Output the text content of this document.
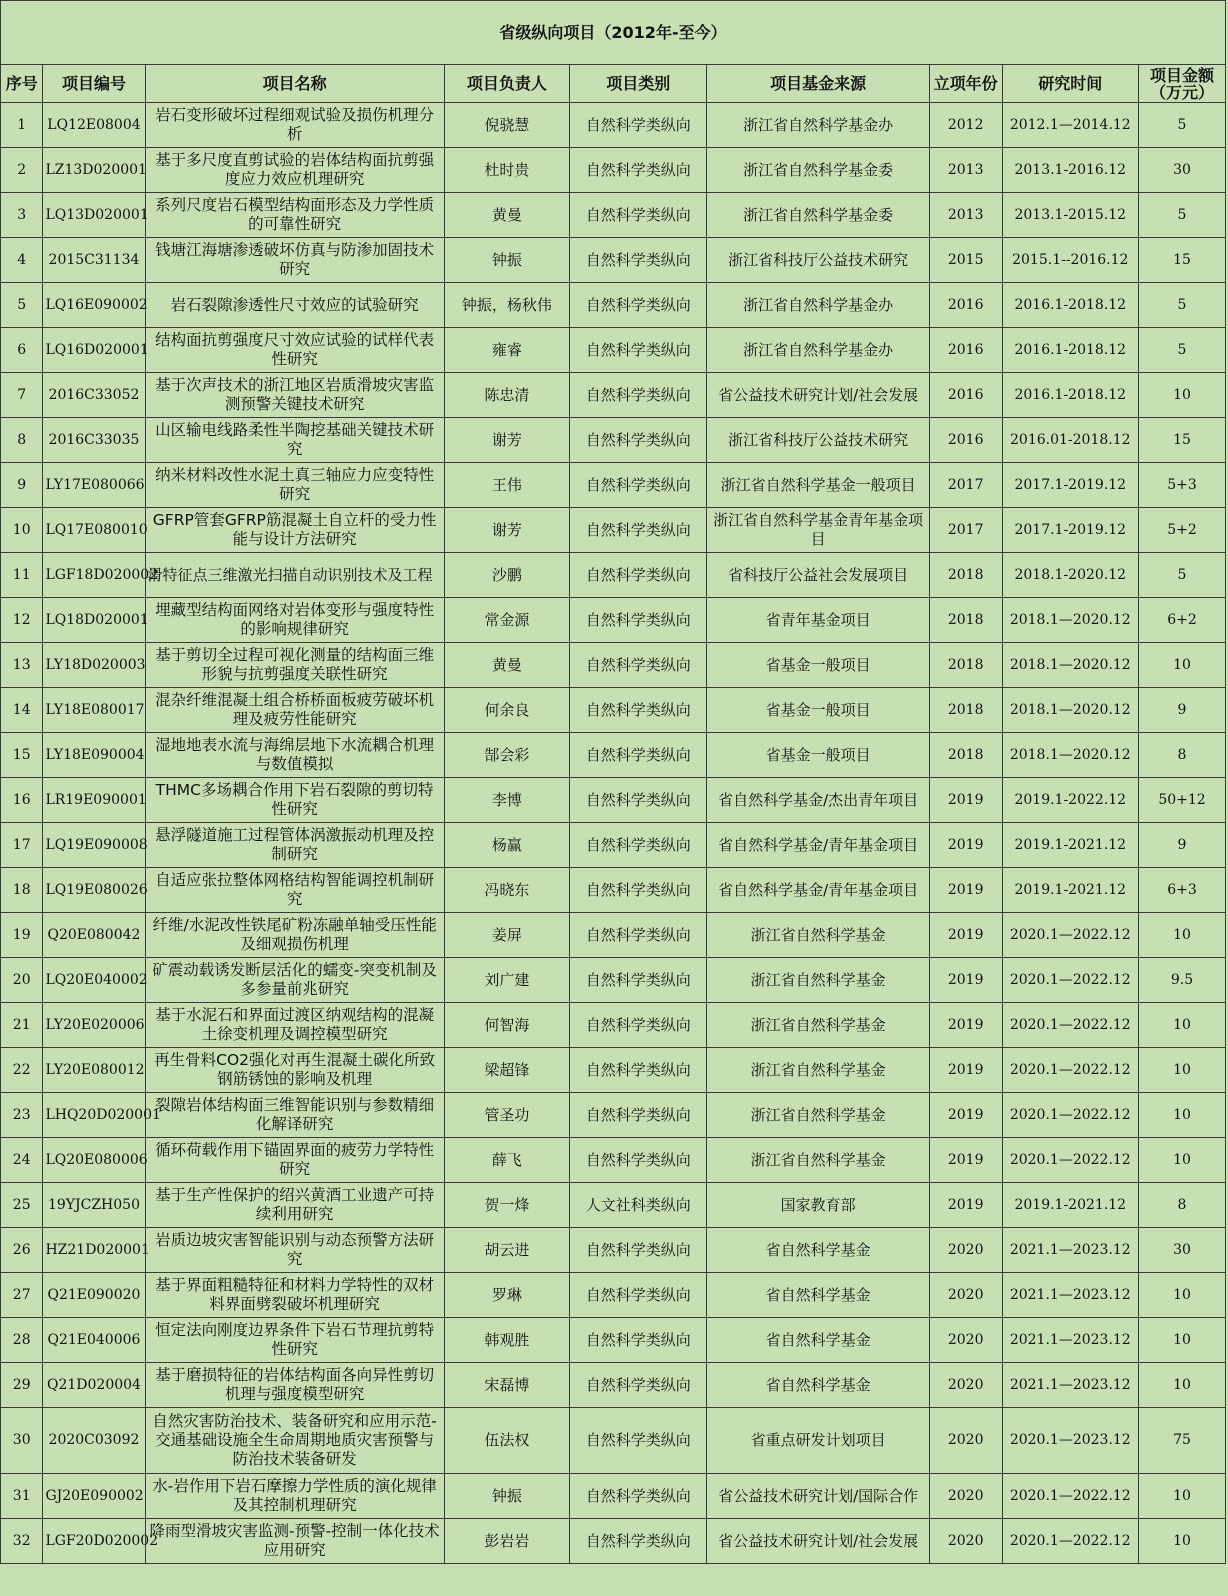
省级纵向项目（2012年-至今）								
序号	项目编号	项目名称	项目负责人	项目类别	项目基金来源	立项年份	研究时间	项目金额
（万元）
1	LQ12E08004	岩石变形破坏过程细观试验及损伤机理分析	倪骁慧	自然科学类纵向	浙江省自然科学基金办	2012	2012.1—2014.12	5
2	LZ13D020001	基于多尺度直剪试验的岩体结构面抗剪强度应力效应机理研究	杜时贵	自然科学类纵向	浙江省自然科学基金委	2013	2013.1-2016.12	30
3	LQ13D020001	系列尺度岩石模型结构面形态及力学性质的可靠性研究	黄曼	自然科学类纵向	浙江省自然科学基金委	2013	2013.1-2015.12	5
4	2015C31134	钱塘江海塘渗透破坏仿真与防渗加固技术研究	钟振	自然科学类纵向	浙江省科技厅公益技术研究	2015	2015.1--2016.12	15
5	LQ16E090002	岩石裂隙渗透性尺寸效应的试验研究	钟振，杨秋伟	自然科学类纵向	浙江省自然科学基金办	2016	2016.1-2018.12	5
6	LQ16D020001	结构面抗剪强度尺寸效应试验的试样代表性研究	雍睿	自然科学类纵向	浙江省自然科学基金办	2016	2016.1-2018.12	5
7	2016C33052	基于次声技术的浙江地区岩质滑坡灾害监测预警关键技术研究	陈忠清	自然科学类纵向	省公益技术研究计划/社会发展	2016	2016.1-2018.12	10
8	2016C33035	山区输电线路柔性半陶挖基础关键技术研究	谢芳	自然科学类纵向	浙江省科技厅公益技术研究	2016	2016.01-2018.12	15
9	LY17E080066	纳米材料改性水泥土真三轴应力应变特性研究	王伟	自然科学类纵向	浙江省自然科学基金一般项目	2017	2017.1-2019.12	5+3
10	LQ17E080010	GFRP管套GFRP筋混凝土自立杆的受力性能与设计方法研究	谢芳	自然科学类纵向	浙江省自然科学基金青年基金项目	2017	2017.1-2019.12	5+2
11	LGF18D020002	滑特征点三维激光扫描自动识别技术及工程	沙鹏	自然科学类纵向	省科技厅公益社会发展项目	2018	2018.1-2020.12	5
12	LQ18D020001	埋藏型结构面网络对岩体变形与强度特性的影响规律研究	常金源	自然科学类纵向	省青年基金项目	2018	2018.1—2020.12	6+2
13	LY18D020003	基于剪切全过程可视化测量的结构面三维形貌与抗剪强度关联性研究	黄曼	自然科学类纵向	省基金一般项目	2018	2018.1—2020.12	10
14	LY18E080017	混杂纤维混凝土组合桥桥面板疲劳破坏机理及疲劳性能研究	何余良	自然科学类纵向	省基金一般项目	2018	2018.1—2020.12	9
15	LY18E090004	湿地地表水流与海绵层地下水流耦合机理与数值模拟	郜会彩	自然科学类纵向	省基金一般项目	2018	2018.1—2020.12	8
16	LR19E090001	THMC多场耦合作用下岩石裂隙的剪切特性研究	李博	自然科学类纵向	省自然科学基金/杰出青年项目	2019	2019.1-2022.12	50+12
17	LQ19E090008	悬浮隧道施工过程管体涡激振动机理及控制研究	杨赢	自然科学类纵向	省自然科学基金/青年基金项目	2019	2019.1-2021.12	9
18	LQ19E080026	自适应张拉整体网格结构智能调控机制研究	冯晓东	自然科学类纵向	省自然科学基金/青年基金项目	2019	2019.1-2021.12	6+3
19	Q20E080042	纤维/水泥改性铁尾矿粉冻融单轴受压性能及细观损伤机理	姜屏	自然科学类纵向	浙江省自然科学基金	2019	2020.1—2022.12	10
20	LQ20E040002	矿震动载诱发断层活化的蠕变-突变机制及多参量前兆研究	刘广建	自然科学类纵向	浙江省自然科学基金	2019	2020.1—2022.12	9.5
21	LY20E020006	基于水泥石和界面过渡区纳观结构的混凝土徐变机理及调控模型研究	何智海	自然科学类纵向	浙江省自然科学基金	2019	2020.1—2022.12	10
22	LY20E080012	再生骨料CO2强化对再生混凝土碳化所致钢筋锈蚀的影响及机理	梁超锋	自然科学类纵向	浙江省自然科学基金	2019	2020.1—2022.12	10
23	LHQ20D020001	裂隙岩体结构面三维智能识别与参数精细化解译研究	管圣功	自然科学类纵向	浙江省自然科学基金	2019	2020.1—2022.12	10
24	LQ20E080006	循环荷载作用下锚固界面的疲劳力学特性研究	薛飞	自然科学类纵向	浙江省自然科学基金	2019	2020.1—2022.12	10
25	19YJCZH050	基于生产性保护的绍兴黄酒工业遗产可持续利用研究	贺一烽	人文社科类纵向	国家教育部	2019	2019.1-2021.12	8
26	HZ21D020001	岩质边坡灾害智能识别与动态预警方法研究	胡云进	自然科学类纵向	省自然科学基金	2020	2021.1—2023.12	30
27	Q21E090020	基于界面粗糙特征和材料力学特性的双材料界面劈裂破坏机理研究	罗琳	自然科学类纵向	省自然科学基金	2020	2021.1—2023.12	10
28	Q21E040006	恒定法向刚度边界条件下岩石节理抗剪特性研究	韩观胜	自然科学类纵向	省自然科学基金	2020	2021.1—2023.12	10
29	Q21D020004	基于磨损特征的岩体结构面各向异性剪切机理与强度模型研究	宋磊博	自然科学类纵向	省自然科学基金	2020	2021.1—2023.12	10
30	2020C03092	自然灾害防治技术、装备研究和应用示范-交通基础设施全生命周期地质灾害预警与防治技术装备研发	伍法权	自然科学类纵向	省重点研发计划项目	2020	2020.1—2023.12	75
31	GJ20E090002	水-岩作用下岩石摩擦力学性质的演化规律及其控制机理研究	钟振	自然科学类纵向	省公益技术研究计划/国际合作	2020	2020.1—2022.12	10
32	LGF20D020002	降雨型滑坡灾害监测-预警-控制一体化技术应用研究	彭岩岩	自然科学类纵向	省公益技术研究计划/社会发展	2020	2020.1—2022.12	10
